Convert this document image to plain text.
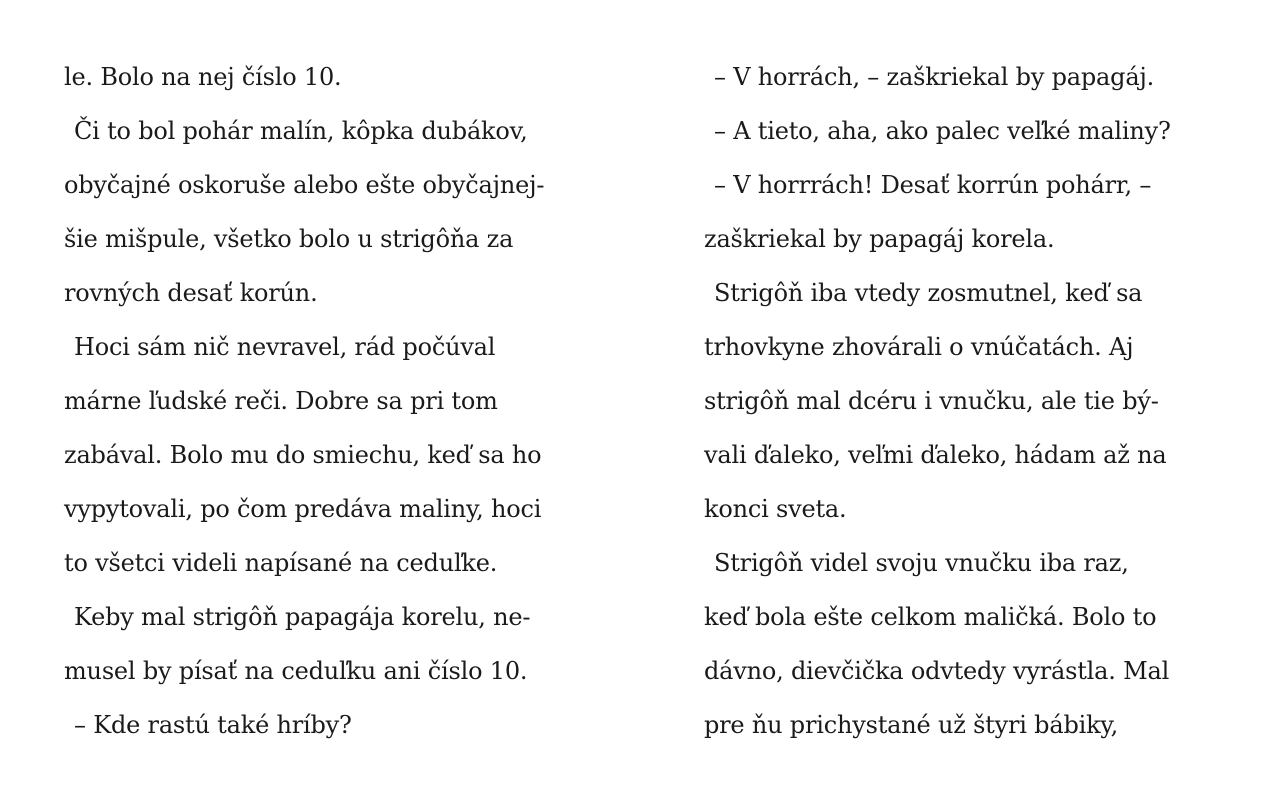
le. Bolo na nej číslo 10.
Či to bol pohár malín, kôpka dubákov,
obyčajné oskoruše alebo ešte obyčajnej-
šie mišpule, všetko bolo u strigôňa za
rovných desať korún.
Hoci sám nič nevravel, rád počúval
márne ľudské reči. Dobre sa pri tom
zabával. Bolo mu do smiechu, keď sa ho
vypytovali, po čom predáva maliny, hoci
to všetci videli napísané na ceduľke.
Keby mal strigôň papagája korelu, ne-
musel by písať na ceduľku ani číslo 10.
– Kde rastú také hríby?
– V horrách, – zaškriekal by papagáj.
– A tieto, aha, ako palec veľké maliny?
– V horrrách! Desať korrún pohárr, –
zaškriekal by papagáj korela.
Strigôň iba vtedy zosmutnel, keď sa
trhovkyne zhovárali o vnúčatách. Aj
strigôň mal dcéru i vnučku, ale tie bý-
vali ďaleko, veľmi ďaleko, hádam až na
konci sveta.
Strigôň videl svoju vnučku iba raz,
keď bola ešte celkom maličká. Bolo to
dávno, dievčička odvtedy vyrástla. Mal
pre ňu prichystané už štyri bábiky,
